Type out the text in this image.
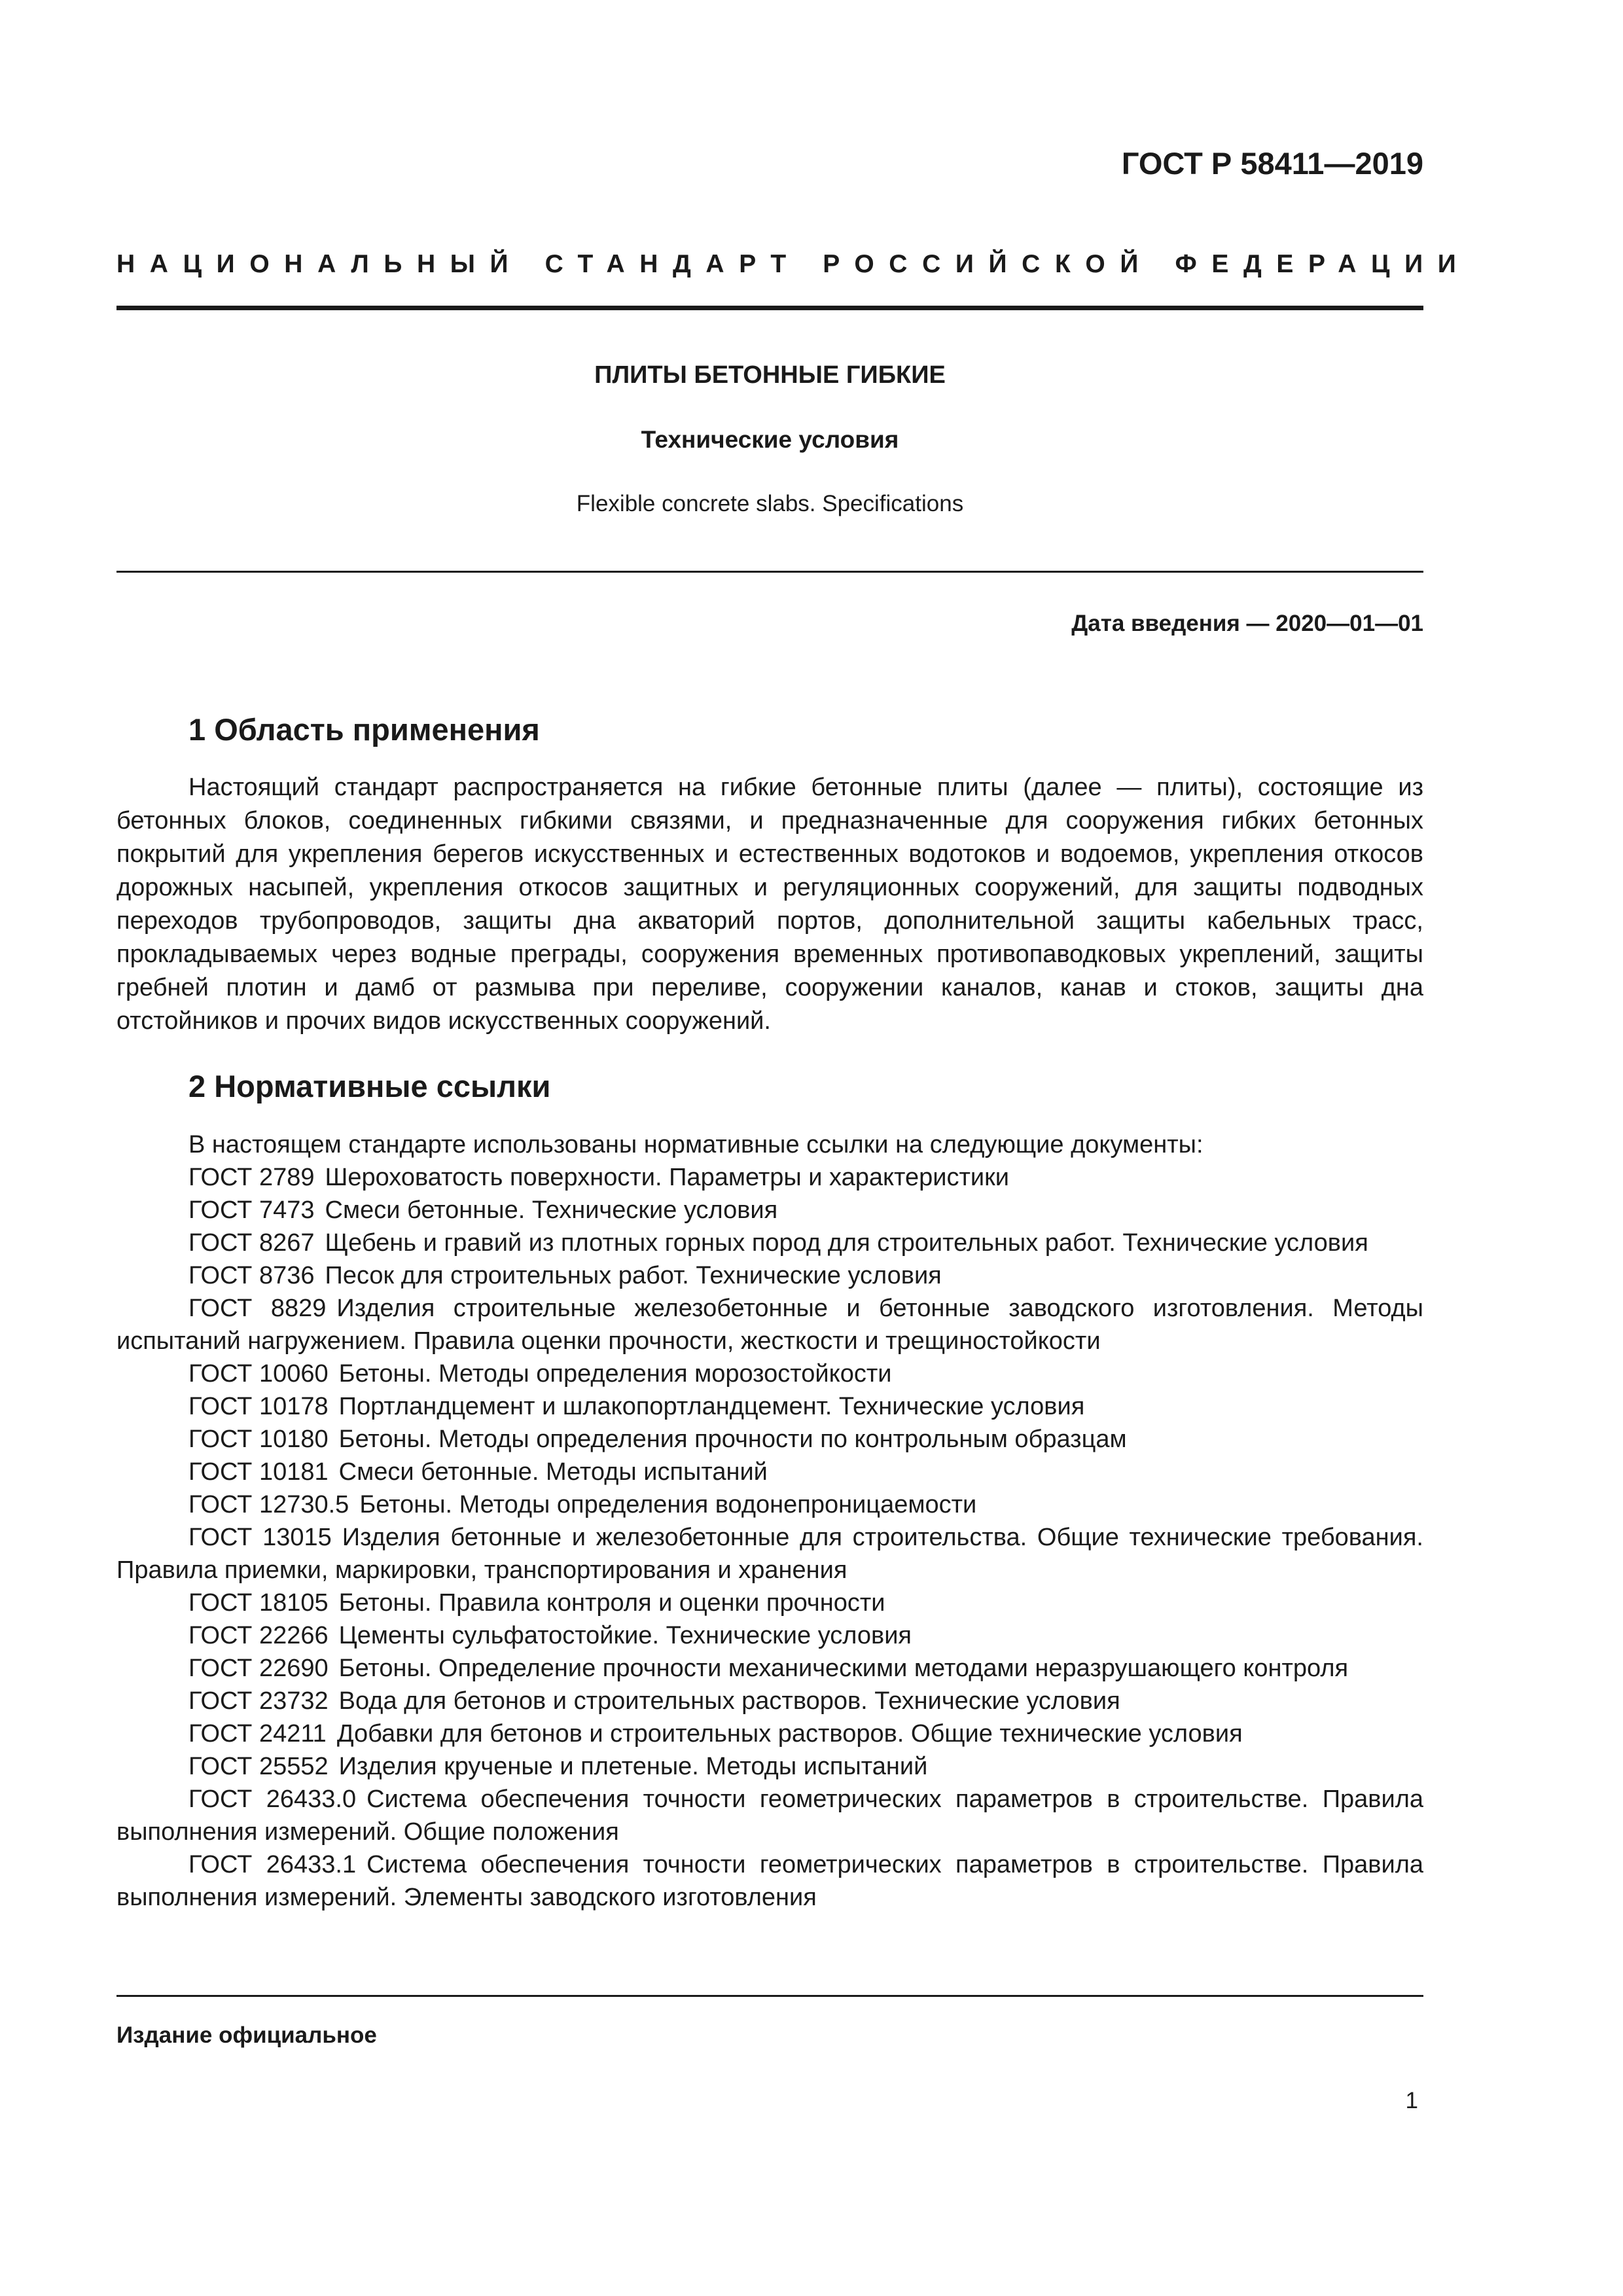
ГОСТ Р 58411—2019
НАЦИОНАЛЬНЫЙ СТАНДАРТ РОССИЙСКОЙ ФЕДЕРАЦИИ
ПЛИТЫ БЕТОННЫЕ ГИБКИЕ
Технические условия
Flexible concrete slabs. Specifications
Дата введения — 2020—01—01
1 Область применения

Настоящий стандарт распространяется на гибкие бетонные плиты (далее — плиты), состоящие из бетонных блоков, соединенных гибкими связями, и предназначенные для сооружения гибких бетонных покрытий для укрепления берегов искусственных и естественных водотоков и водоемов, укрепления откосов дорожных насыпей, укрепления откосов защитных и регуляционных сооружений, для защиты подводных переходов трубопроводов, защиты дна акваторий портов, дополнительной защиты кабельных трасс, прокладываемых через водные преграды, сооружения временных противопаводковых укреплений, защиты гребней плотин и дамб от размыва при переливе, сооружении каналов, канав и стоков, защиты дна отстойников и прочих видов искусственных сооружений.

2 Нормативные ссылки
В настоящем стандарте использованы нормативные ссылки на следующие документы:
ГОСТ 2789 Шероховатость поверхности. Параметры и характеристики
ГОСТ 7473 Смеси бетонные. Технические условия
ГОСТ 8267 Щебень и гравий из плотных горных пород для строительных работ. Технические условия
ГОСТ 8736 Песок для строительных работ. Технические условия
ГОСТ 8829 Изделия строительные железобетонные и бетонные заводского изготовления. Методы испытаний нагружением. Правила оценки прочности, жесткости и трещиностойкости
ГОСТ 10060 Бетоны. Методы определения морозостойкости
ГОСТ 10178 Портландцемент и шлакопортландцемент. Технические условия
ГОСТ 10180 Бетоны. Методы определения прочности по контрольным образцам
ГОСТ 10181 Смеси бетонные. Методы испытаний
ГОСТ 12730.5 Бетоны. Методы определения водонепроницаемости
ГОСТ 13015 Изделия бетонные и железобетонные для строительства. Общие технические требования. Правила приемки, маркировки, транспортирования и хранения
ГОСТ 18105 Бетоны. Правила контроля и оценки прочности
ГОСТ 22266 Цементы сульфатостойкие. Технические условия
ГОСТ 22690 Бетоны. Определение прочности механическими методами неразрушающего контроля
ГОСТ 23732 Вода для бетонов и строительных растворов. Технические условия
ГОСТ 24211 Добавки для бетонов и строительных растворов. Общие технические условия
ГОСТ 25552 Изделия крученые и плетеные. Методы испытаний
ГОСТ 26433.0 Система обеспечения точности геометрических параметров в строительстве. Правила выполнения измерений. Общие положения
ГОСТ 26433.1 Система обеспечения точности геометрических параметров в строительстве. Правила выполнения измерений. Элементы заводского изготовления
Издание официальное
1
